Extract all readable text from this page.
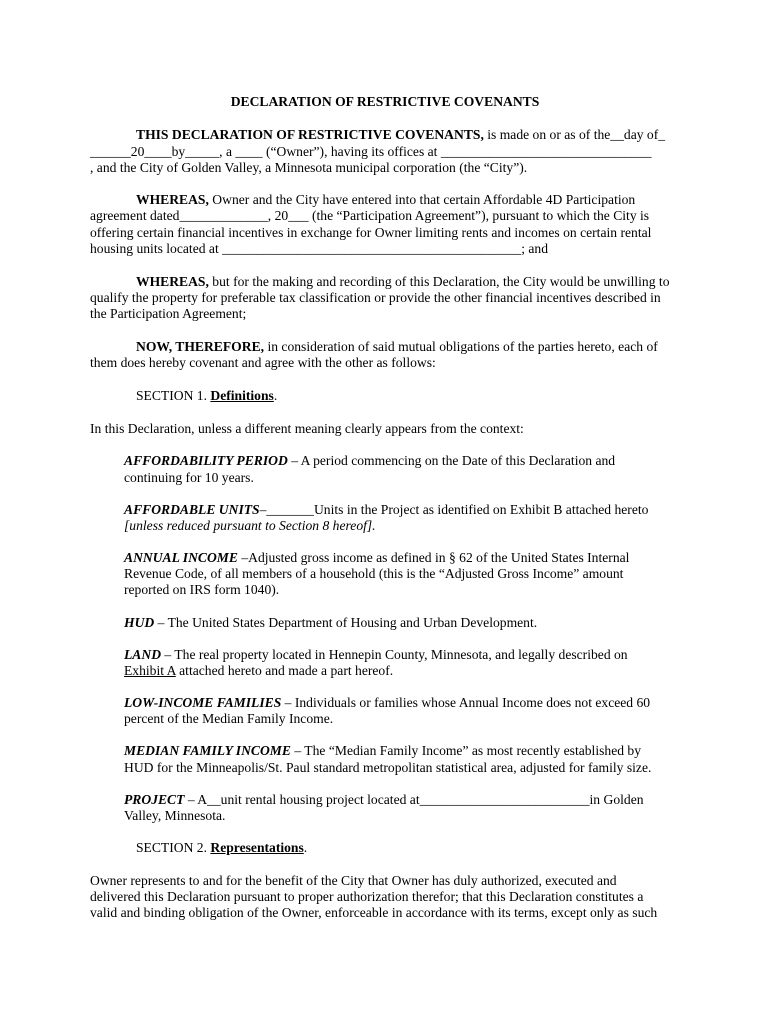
DECLARATION OF RESTRICTIVE COVENANTS

THIS DECLARATION OF RESTRICTIVE COVENANTS, is made on or as of the__day of_

______20____by_____, a ____ (“Owner”), having its offices at _______________________________

, and the City of Golden Valley, a Minnesota municipal corporation (the “City”).

WHEREAS, Owner and the City have entered into that certain Affordable 4D Participation

agreement dated_____________, 20___ (the “Participation Agreement”), pursuant to which the City is

offering certain financial incentives in exchange for Owner limiting rents and incomes on certain rental

housing units located at ____________________________________________; and

WHEREAS, but for the making and recording of this Declaration, the City would be unwilling to

qualify the property for preferable tax classification or provide the other financial incentives described in

the Participation Agreement;

NOW, THEREFORE, in consideration of said mutual obligations of the parties hereto, each of

them does hereby covenant and agree with the other as follows:

SECTION 1. Definitions.

In this Declaration, unless a different meaning clearly appears from the context:

AFFORDABILITY PERIOD – A period commencing on the Date of this Declaration and

continuing for 10 years.

AFFORDABLE UNITS–_______Units in the Project as identified on Exhibit B attached hereto

[unless reduced pursuant to Section 8 hereof].

ANNUAL INCOME –Adjusted gross income as defined in § 62 of the United States Internal

Revenue Code, of all members of a household (this is the “Adjusted Gross Income” amount

reported on IRS form 1040).

HUD – The United States Department of Housing and Urban Development.

LAND – The real property located in Hennepin County, Minnesota, and legally described on

Exhibit A attached hereto and made a part hereof.

LOW-INCOME FAMILIES – Individuals or families whose Annual Income does not exceed 60

percent of the Median Family Income.

MEDIAN FAMILY INCOME – The “Median Family Income” as most recently established by

HUD for the Minneapolis/St. Paul standard metropolitan statistical area, adjusted for family size.

PROJECT – A__unit rental housing project located at_________________________in Golden

Valley, Minnesota.

SECTION 2. Representations.

Owner represents to and for the benefit of the City that Owner has duly authorized, executed and

delivered this Declaration pursuant to proper authorization therefor; that this Declaration constitutes a

valid and binding obligation of the Owner, enforceable in accordance with its terms, except only as such
